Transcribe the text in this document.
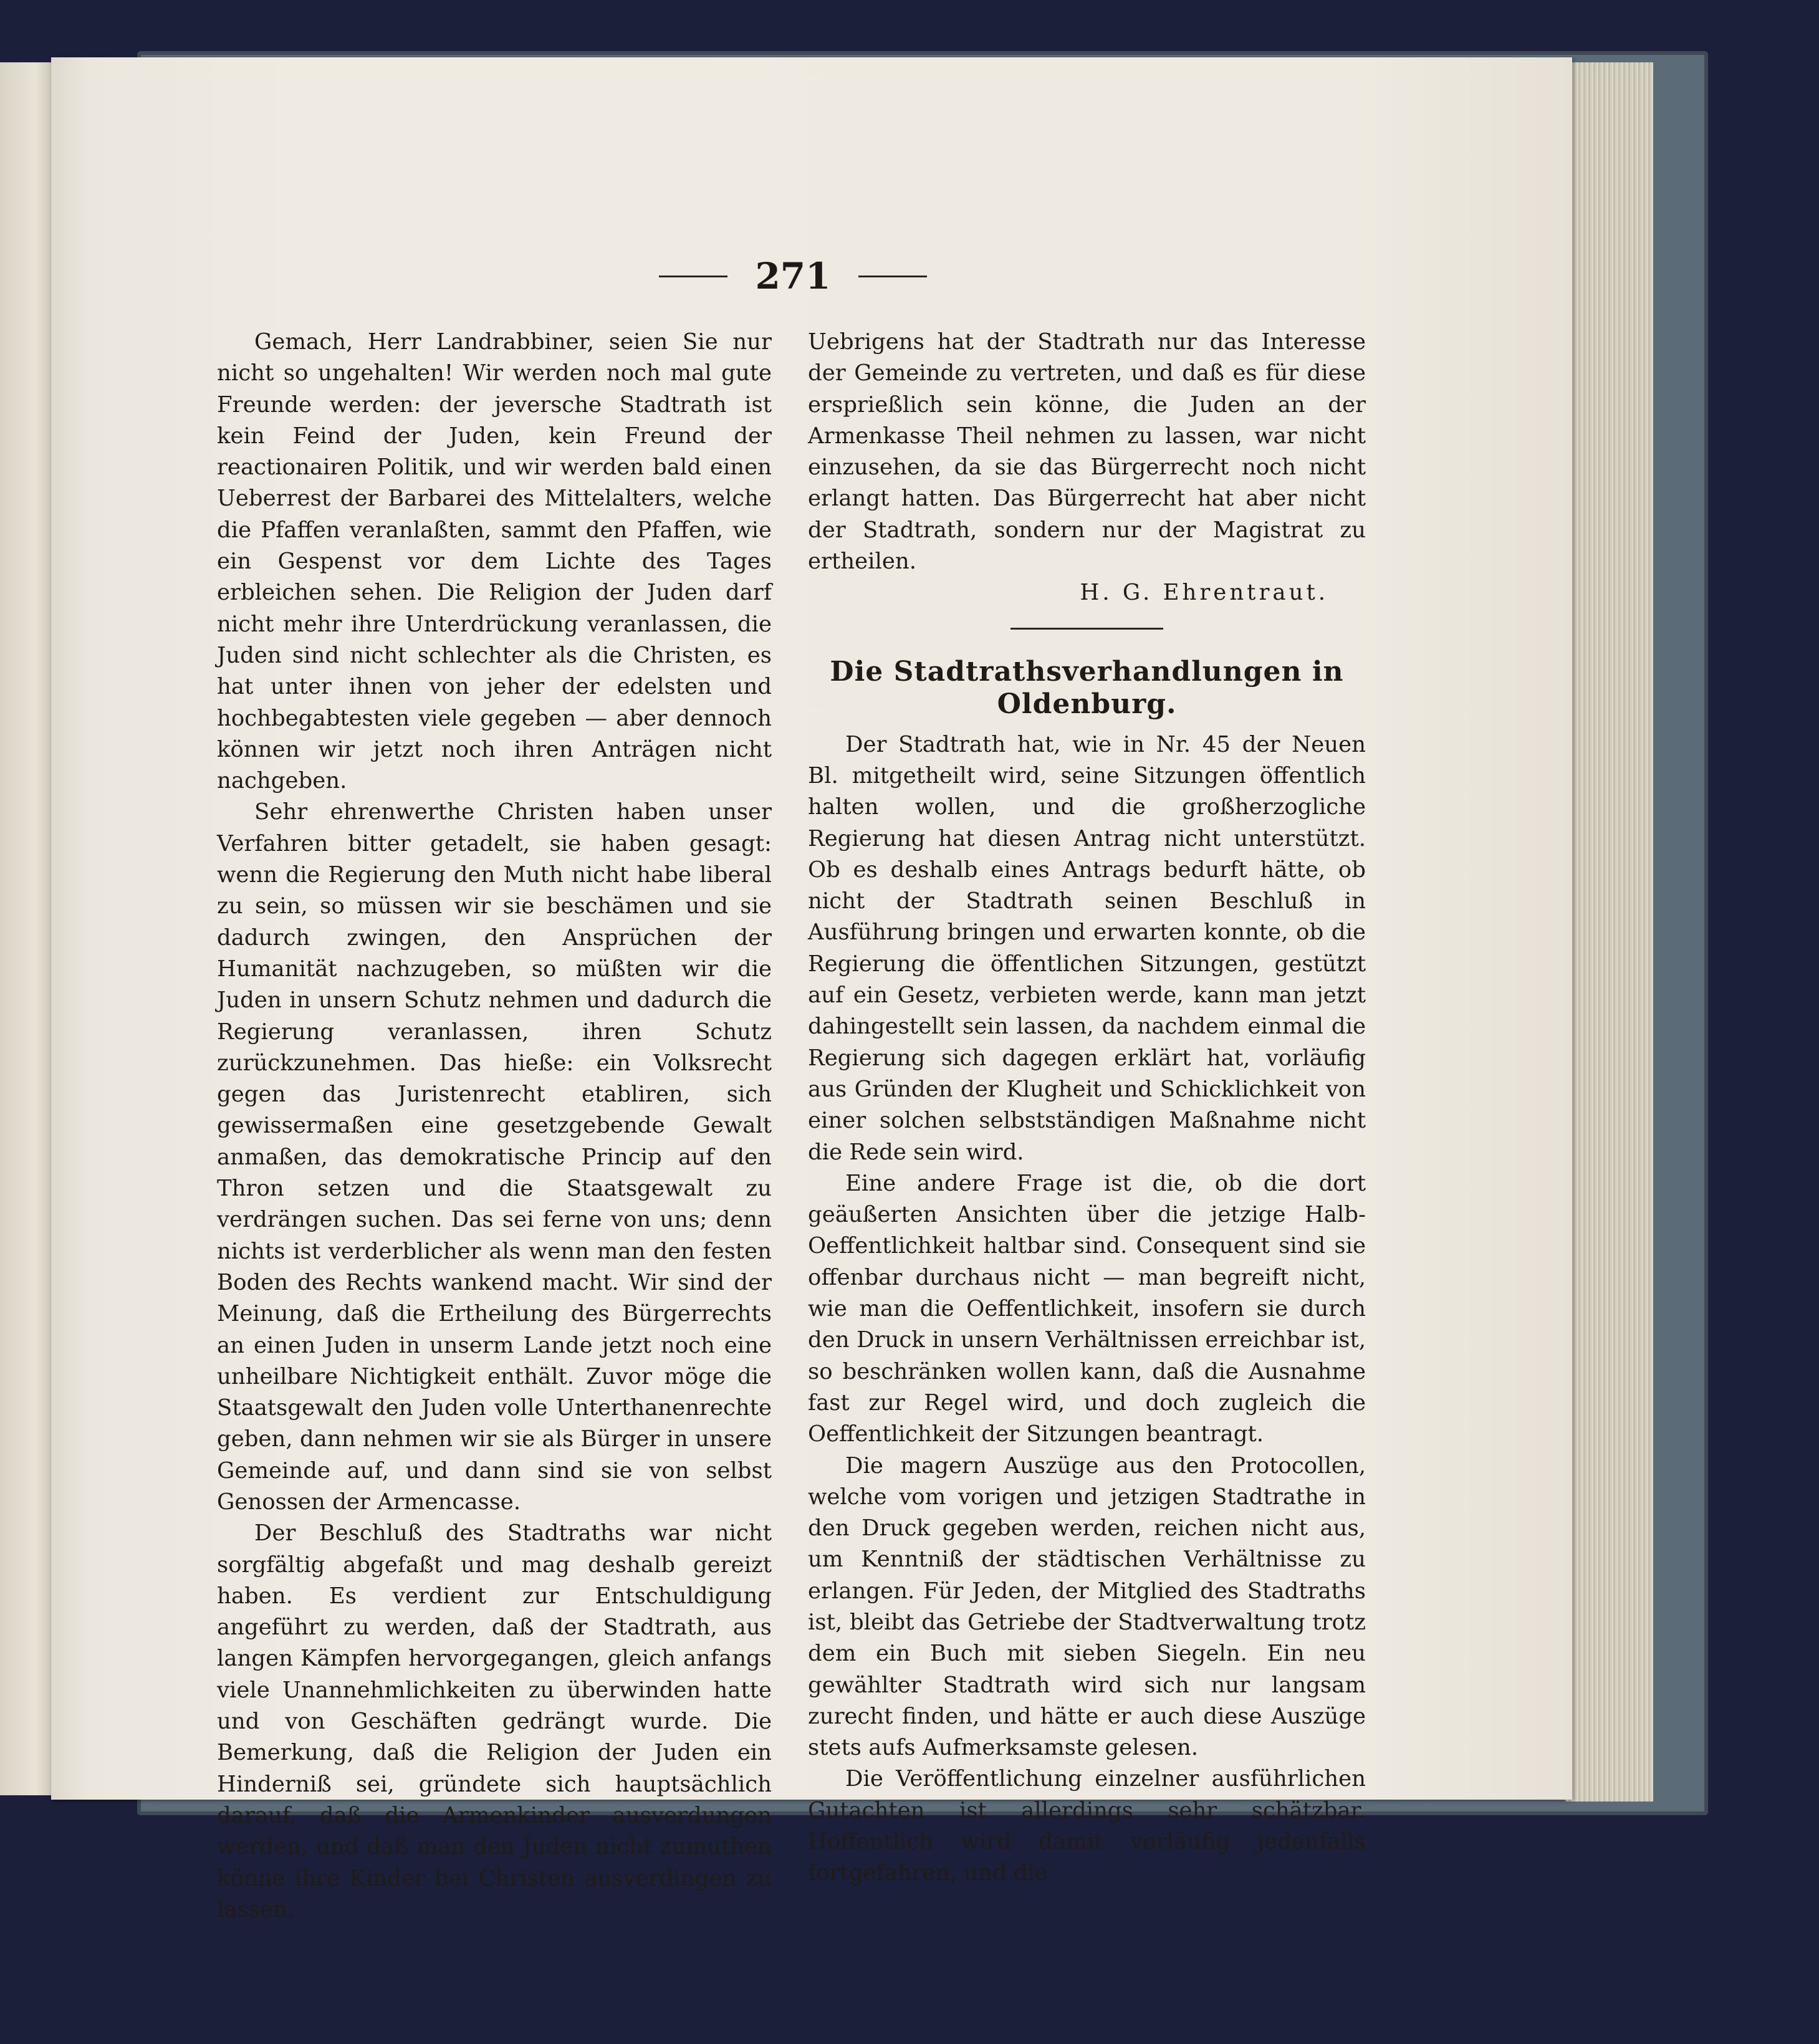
271

Gemach, Herr Landrabbiner, seien Sie nur nicht so ungehalten! Wir werden noch mal gute Freunde werden: der jeversche Stadtrath ist kein Feind der Juden, kein Freund der reactionairen Politik, und wir werden bald einen Ueberrest der Barbarei des Mittelalters, welche die Pfaffen veranlaßten, sammt den Pfaffen, wie ein Gespenst vor dem Lichte des Tages erbleichen sehen. Die Religion der Juden darf nicht mehr ihre Unterdrückung veranlassen, die Juden sind nicht schlechter als die Christen, es hat unter ihnen von jeher der edelsten und hochbegabtesten viele gegeben — aber dennoch können wir jetzt noch ihren Anträgen nicht nachgeben.

Sehr ehrenwerthe Christen haben unser Verfahren bitter getadelt, sie haben gesagt: wenn die Regierung den Muth nicht habe liberal zu sein, so müssen wir sie beschämen und sie dadurch zwingen, den Ansprüchen der Humanität nachzugeben, so müßten wir die Juden in unsern Schutz nehmen und dadurch die Regierung veranlassen, ihren Schutz zurückzunehmen. Das hieße: ein Volksrecht gegen das Juristenrecht etabliren, sich gewissermaßen eine gesetzgebende Gewalt anmaßen, das demokratische Princip auf den Thron setzen und die Staatsgewalt zu verdrängen suchen. Das sei ferne von uns; denn nichts ist verderblicher als wenn man den festen Boden des Rechts wankend macht. Wir sind der Meinung, daß die Ertheilung des Bürgerrechts an einen Juden in unserm Lande jetzt noch eine unheilbare Nichtigkeit enthält. Zuvor möge die Staatsgewalt den Juden volle Unterthanenrechte geben, dann nehmen wir sie als Bürger in unsere Gemeinde auf, und dann sind sie von selbst Genossen der Armencasse.

Der Beschluß des Stadtraths war nicht sorgfältig abgefaßt und mag deshalb gereizt haben. Es verdient zur Entschuldigung angeführt zu werden, daß der Stadtrath, aus langen Kämpfen hervorgegangen, gleich anfangs viele Unannehmlichkeiten zu überwinden hatte und von Geschäften gedrängt wurde. Die Bemerkung, daß die Religion der Juden ein Hinderniß sei, gründete sich hauptsächlich darauf, daß die Armenkinder ausverdungen werden, und daß man den Juden nicht zumuthen könne ihre Kinder bei Christen ausverdingen zu lassen.

Uebrigens hat der Stadtrath nur das Interesse der Gemeinde zu vertreten, und daß es für diese ersprießlich sein könne, die Juden an der Armenkasse Theil nehmen zu lassen, war nicht einzusehen, da sie das Bürgerrecht noch nicht erlangt hatten. Das Bürgerrecht hat aber nicht der Stadtrath, sondern nur der Magistrat zu ertheilen.

H. G. Ehrentraut.

Die Stadtrathsverhandlungen in Oldenburg.

Der Stadtrath hat, wie in Nr. 45 der Neuen Bl. mitgetheilt wird, seine Sitzungen öffentlich halten wollen, und die großherzogliche Regierung hat diesen Antrag nicht unterstützt. Ob es deshalb eines Antrags bedurft hätte, ob nicht der Stadtrath seinen Beschluß in Ausführung bringen und erwarten konnte, ob die Regierung die öffentlichen Sitzungen, gestützt auf ein Gesetz, verbieten werde, kann man jetzt dahingestellt sein lassen, da nachdem einmal die Regierung sich dagegen erklärt hat, vorläufig aus Gründen der Klugheit und Schicklichkeit von einer solchen selbstständigen Maßnahme nicht die Rede sein wird.

Eine andere Frage ist die, ob die dort geäußerten Ansichten über die jetzige Halb-Oeffentlichkeit haltbar sind. Consequent sind sie offenbar durchaus nicht — man begreift nicht, wie man die Oeffentlichkeit, insofern sie durch den Druck in unsern Verhältnissen erreichbar ist, so beschränken wollen kann, daß die Ausnahme fast zur Regel wird, und doch zugleich die Oeffentlichkeit der Sitzungen beantragt.

Die magern Auszüge aus den Protocollen, welche vom vorigen und jetzigen Stadtrathe in den Druck gegeben werden, reichen nicht aus, um Kenntniß der städtischen Verhältnisse zu erlangen. Für Jeden, der Mitglied des Stadtraths ist, bleibt das Getriebe der Stadtverwaltung trotz dem ein Buch mit sieben Siegeln. Ein neu gewählter Stadtrath wird sich nur langsam zurecht finden, und hätte er auch diese Auszüge stets aufs Aufmerksamste gelesen.

Die Veröffentlichung einzelner ausführlichen Gutachten ist allerdings sehr schätzbar. Hoffentlich wird damit vorläufig jedenfalls fortgefahren, und die
